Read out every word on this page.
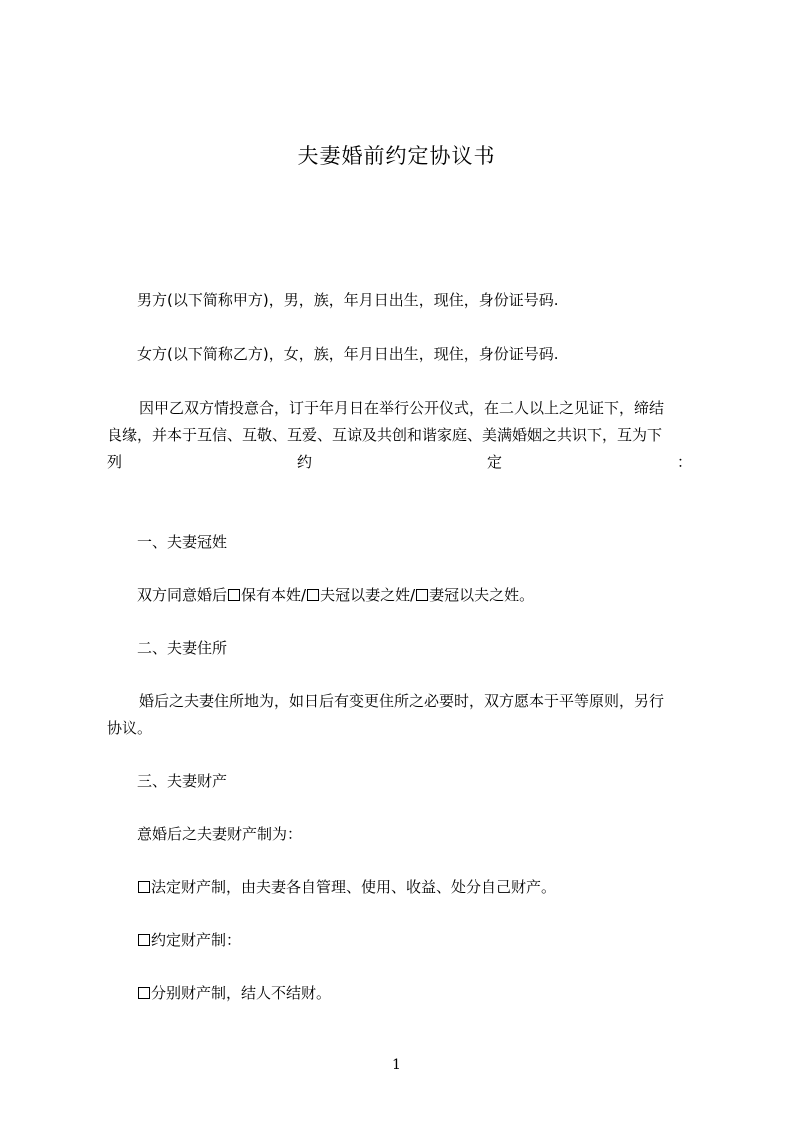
夫妻婚前约定协议书
男方(以下简称甲方)，男，族，年月日出生，现住，身份证号码.
女方(以下简称乙方)，女，族，年月日出生，现住，身份证号码.
因甲乙双方情投意合，订于年月日在举行公开仪式，在二人以上之见证下，缔结
良缘，并本于互信、互敬、互爱、互谅及共创和谐家庭、美满婚姻之共识下，互为下
列	约	定	：
一、夫妻冠姓
双方同意婚后 保有本姓/ 夫冠以妻之姓/ 妻冠以夫之姓。
二、夫妻住所
婚后之夫妻住所地为，如日后有变更住所之必要时，双方愿本于平等原则，另行
协议。
三、夫妻财产
意婚后之夫妻财产制为：
法定财产制，由夫妻各自管理、使用、收益、处分自己财产。
约定财产制：
分别财产制，结人不结财。
1
